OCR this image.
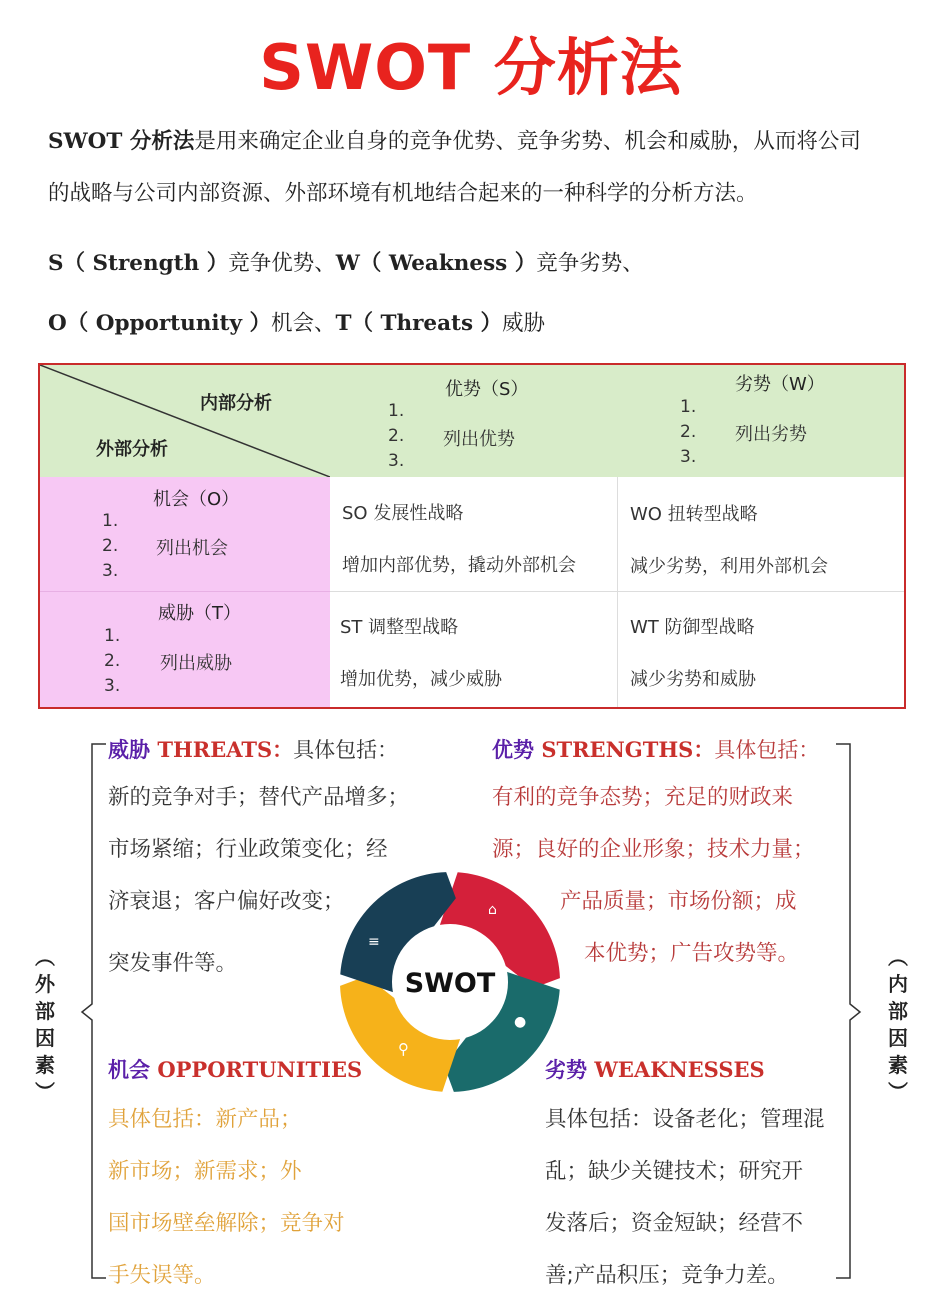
SWOT 分析法
SWOT 分析法是用来确定企业自身的竞争优势、竞争劣势、机会和威胁，从而将公司
的战略与公司内部资源、外部环境有机地结合起来的一种科学的分析方法。
S（ Strength ）竞争优势、W（ Weakness ）竞争劣势、
O（ Opportunity ）机会、T（ Threats ）威胁
内部分析
外部分析
优势（S）
1.
2.
3.
列出优势
劣势（W）
1.
2.
3.
列出劣势
机会（O）
1.
2.
3.
列出机会
威胁（T）
1.
2.
3.
列出威胁
SO 发展性战略
增加内部优势，撬动外部机会
WO 扭转型战略
减少劣势，利用外部机会
ST 调整型战略
增加优势，减少威胁
WT 防御型战略
减少劣势和威胁
︵
外
部
因
素
︶
︵
内
部
因
素
︶
威胁 THREATS：具体包括：
新的竞争对手；替代产品增多；
市场紧缩；行业政策变化；经
济衰退；客户偏好改变；
突发事件等。
优势 STRENGTHS：具体包括：
有利的竞争态势；充足的财政来
源；良好的企业形象；技术力量；
产品质量；市场份额；成
本优势；广告攻势等。
SWOT
⌂
●
⚲
≡
机会 OPPORTUNITIES
具体包括：新产品；
新市场；新需求；外
国市场壁垒解除；竞争对
手失误等。
劣势 WEAKNESSES
具体包括：设备老化；管理混
乱；缺少关键技术；研究开
发落后；资金短缺；经营不
善;产品积压；竞争力差。
